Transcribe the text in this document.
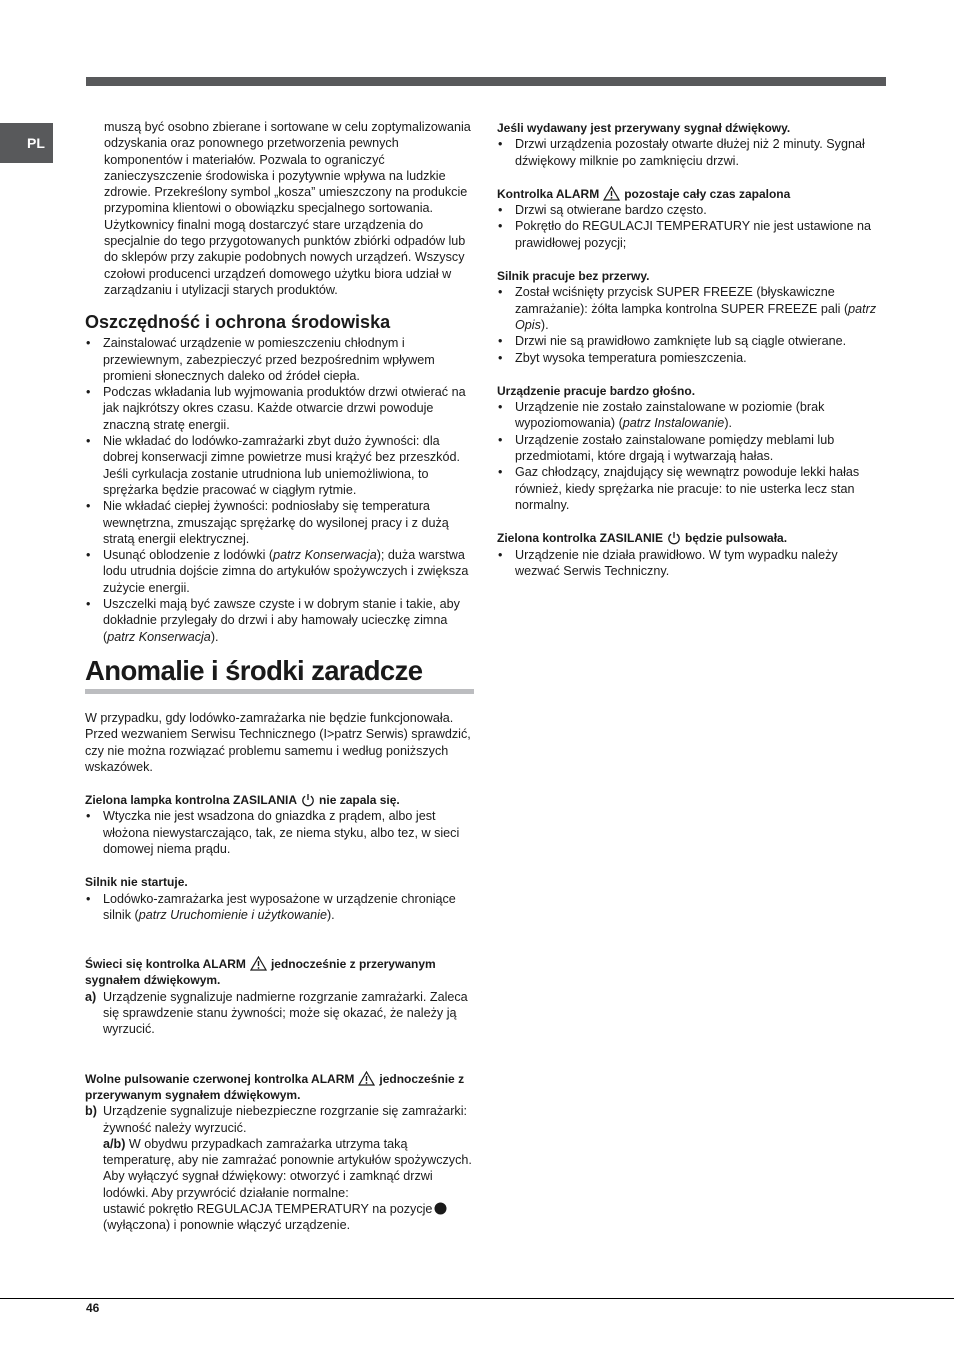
PL

muszą być osobno zbierane i sortowane w celu zoptymalizowania odzyskania oraz ponownego przetworzenia pewnych komponentów i materiałów. Pozwala to ograniczyć zanieczyszczenie środowiska i pozytywnie wpływa na ludzkie zdrowie. Przekreślony symbol „kosza” umieszczony na produkcie przypomina klientowi o obowiązku specjalnego sortowania.

Użytkownicy finalni mogą dostarczyć stare urządzenia do specjalnie do tego przygotowanych punktów zbiórki odpadów lub do sklepów przy zakupie podobnych nowych urządzeń. Wszyscy czołowi producenci urządzeń domowego użytku biora udział w zarządzaniu i utylizacji starych produktów.

Oszczędność i ochrona środowiska
• Zainstalować urządzenie w pomieszczeniu chłodnym i przewiewnym, zabezpieczyć przed bezpośrednim wpływem promieni słonecznych daleko od źródeł ciepła.
• Podczas wkładania lub wyjmowania produktów drzwi otwierać na jak najkrótszy okres czasu. Każde otwarcie drzwi powoduje znaczną stratę energii.
• Nie wkładać do lodówko-zamrażarki zbyt dużo żywności: dla dobrej konserwacji zimne powietrze musi krążyć bez przeszkód. Jeśli cyrkulacja zostanie utrudniona lub uniemożliwiona, to sprężarka będzie pracować w ciągłym rytmie.
• Nie wkładać ciepłej żywności: podniosłaby się temperatura wewnętrzna, zmuszając sprężarkę do wysilonej pracy i z dużą stratą energii elektrycznej.
• Usunąć oblodzenie z lodówki (patrz Konserwacja); duża warstwa lodu utrudnia dojście zimna do artykułów spożywczych i zwiększa zużycie energii.
• Uszczelki mają być zawsze czyste i w dobrym stanie i takie, aby dokładnie przylegały do drzwi i aby hamowały ucieczkę zimna (patrz Konserwacja).
Anomalie i środki zaradcze

W przypadku, gdy lodówko-zamrażarka nie będzie funkcjonowała. Przed wezwaniem Serwisu Technicznego (I>patrz Serwis) sprawdzić, czy nie można rozwiązać problemu samemu i według poniższych wskazówek.

Zielona lampka kontrolna ZASILANIA nie zapala się.
• Wtyczka nie jest wsadzona do gniazdka z prądem, albo jest włożona niewystarczająco, tak, ze niema styku, albo tez, w sieci domowej niema prądu.
Silnik nie startuje.
• Lodówko-zamrażarka jest wyposażone w urządzenie chroniące silnik (patrz Uruchomienie i użytkowanie).
Świeci się kontrolka ALARM jednocześnie z przerywanym sygnałem dźwiękowym.
a) Urządzenie sygnalizuje nadmierne rozgrzanie zamrażarki. Zaleca się sprawdzenie stanu żywności; może się okazać, że należy ją wyrzucić.
Wolne pulsowanie czerwonej kontrolka ALARM jednocześnie z przerywanym sygnałem dźwiękowym.
b) Urządzenie sygnalizuje niebezpieczne rozgrzanie się zamrażarki: żywność należy wyrzucić.

a/b) W obydwu przypadkach zamrażarka utrzyma taką temperaturę, aby nie zamrażać ponownie artykułów spożywczych. Aby wyłączyć sygnał dźwiękowy: otworzyć i zamknąć drzwi lodówki. Aby przywrócić działanie normalne:

ustawić pokrętło REGULACJA TEMPERATURY na pozycje

(wyłączona) i ponownie włączyć urządzenie.

Jeśli wydawany jest przerywany sygnał dźwiękowy.
• Drzwi urządzenia pozostały otwarte dłużej niż 2 minuty. Sygnał dźwiękowy milknie po zamknięciu drzwi.
Kontrolka ALARM pozostaje cały czas zapalona
• Drzwi są otwierane bardzo często.
• Pokrętło do REGULACJI TEMPERATURY nie jest ustawione na prawidłowej pozycji;
Silnik pracuje bez przerwy.
• Został wciśnięty przycisk SUPER FREEZE (błyskawiczne zamrażanie): żółta lampka kontrolna SUPER FREEZE pali (patrz Opis).
• Drzwi nie są prawidłowo zamknięte lub są ciągle otwierane.
• Zbyt wysoka temperatura pomieszczenia.
Urządzenie pracuje bardzo głośno.
• Urządzenie nie zostało zainstalowane w poziomie (brak wypoziomowania) (patrz Instalowanie).
• Urządzenie zostało zainstalowane pomiędzy meblami lub przedmiotami, które drgają i wytwarzają hałas.
• Gaz chłodzący, znajdujący się wewnątrz powoduje lekki hałas również, kiedy sprężarka nie pracuje: to nie usterka lecz stan normalny.
Zielona kontrolka ZASILANIE będzie pulsowała.
• Urządzenie nie działa prawidłowo. W tym wypadku należy wezwać Serwis Techniczny.
46
